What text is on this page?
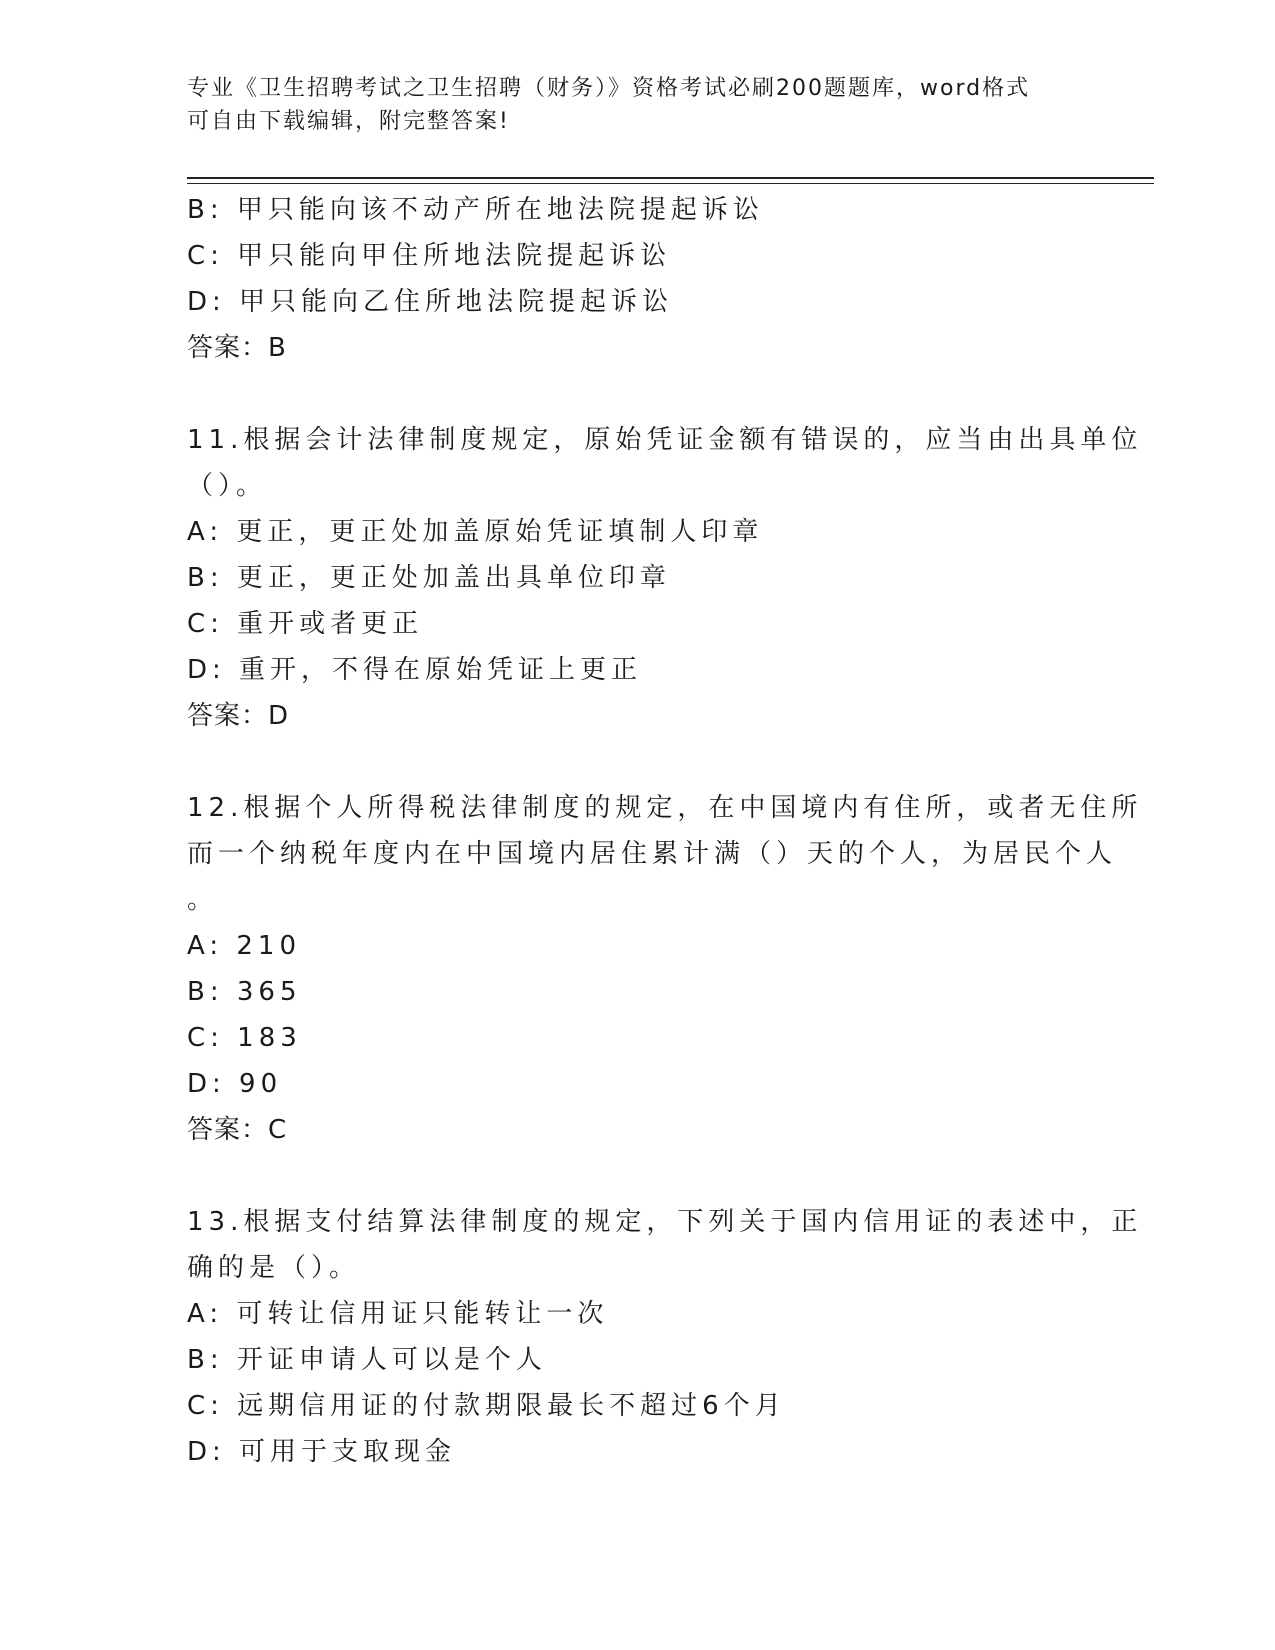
专业《卫生招聘考试之卫生招聘（财务）》资格考试必刷200题题库，word格式

可自由下载编辑，附完整答案!

B: 甲只能向该不动产所在地法院提起诉讼

C: 甲只能向甲住所地法院提起诉讼

D: 甲只能向乙住所地法院提起诉讼

答案：B

11.根据会计法律制度规定，原始凭证金额有错误的，应当由出具单位

（）。

A: 更正，更正处加盖原始凭证填制人印章

B: 更正，更正处加盖出具单位印章

C: 重开或者更正

D: 重开，不得在原始凭证上更正

答案：D

12.根据个人所得税法律制度的规定，在中国境内有住所，或者无住所

而一个纳税年度内在中国境内居住累计满（）天的个人，为居民个人

。

A: 210

B: 365

C: 183

D: 90

答案：C

13.根据支付结算法律制度的规定，下列关于国内信用证的表述中，正

确的是（）。

A: 可转让信用证只能转让一次

B: 开证申请人可以是个人

C: 远期信用证的付款期限最长不超过6个月

D: 可用于支取现金
